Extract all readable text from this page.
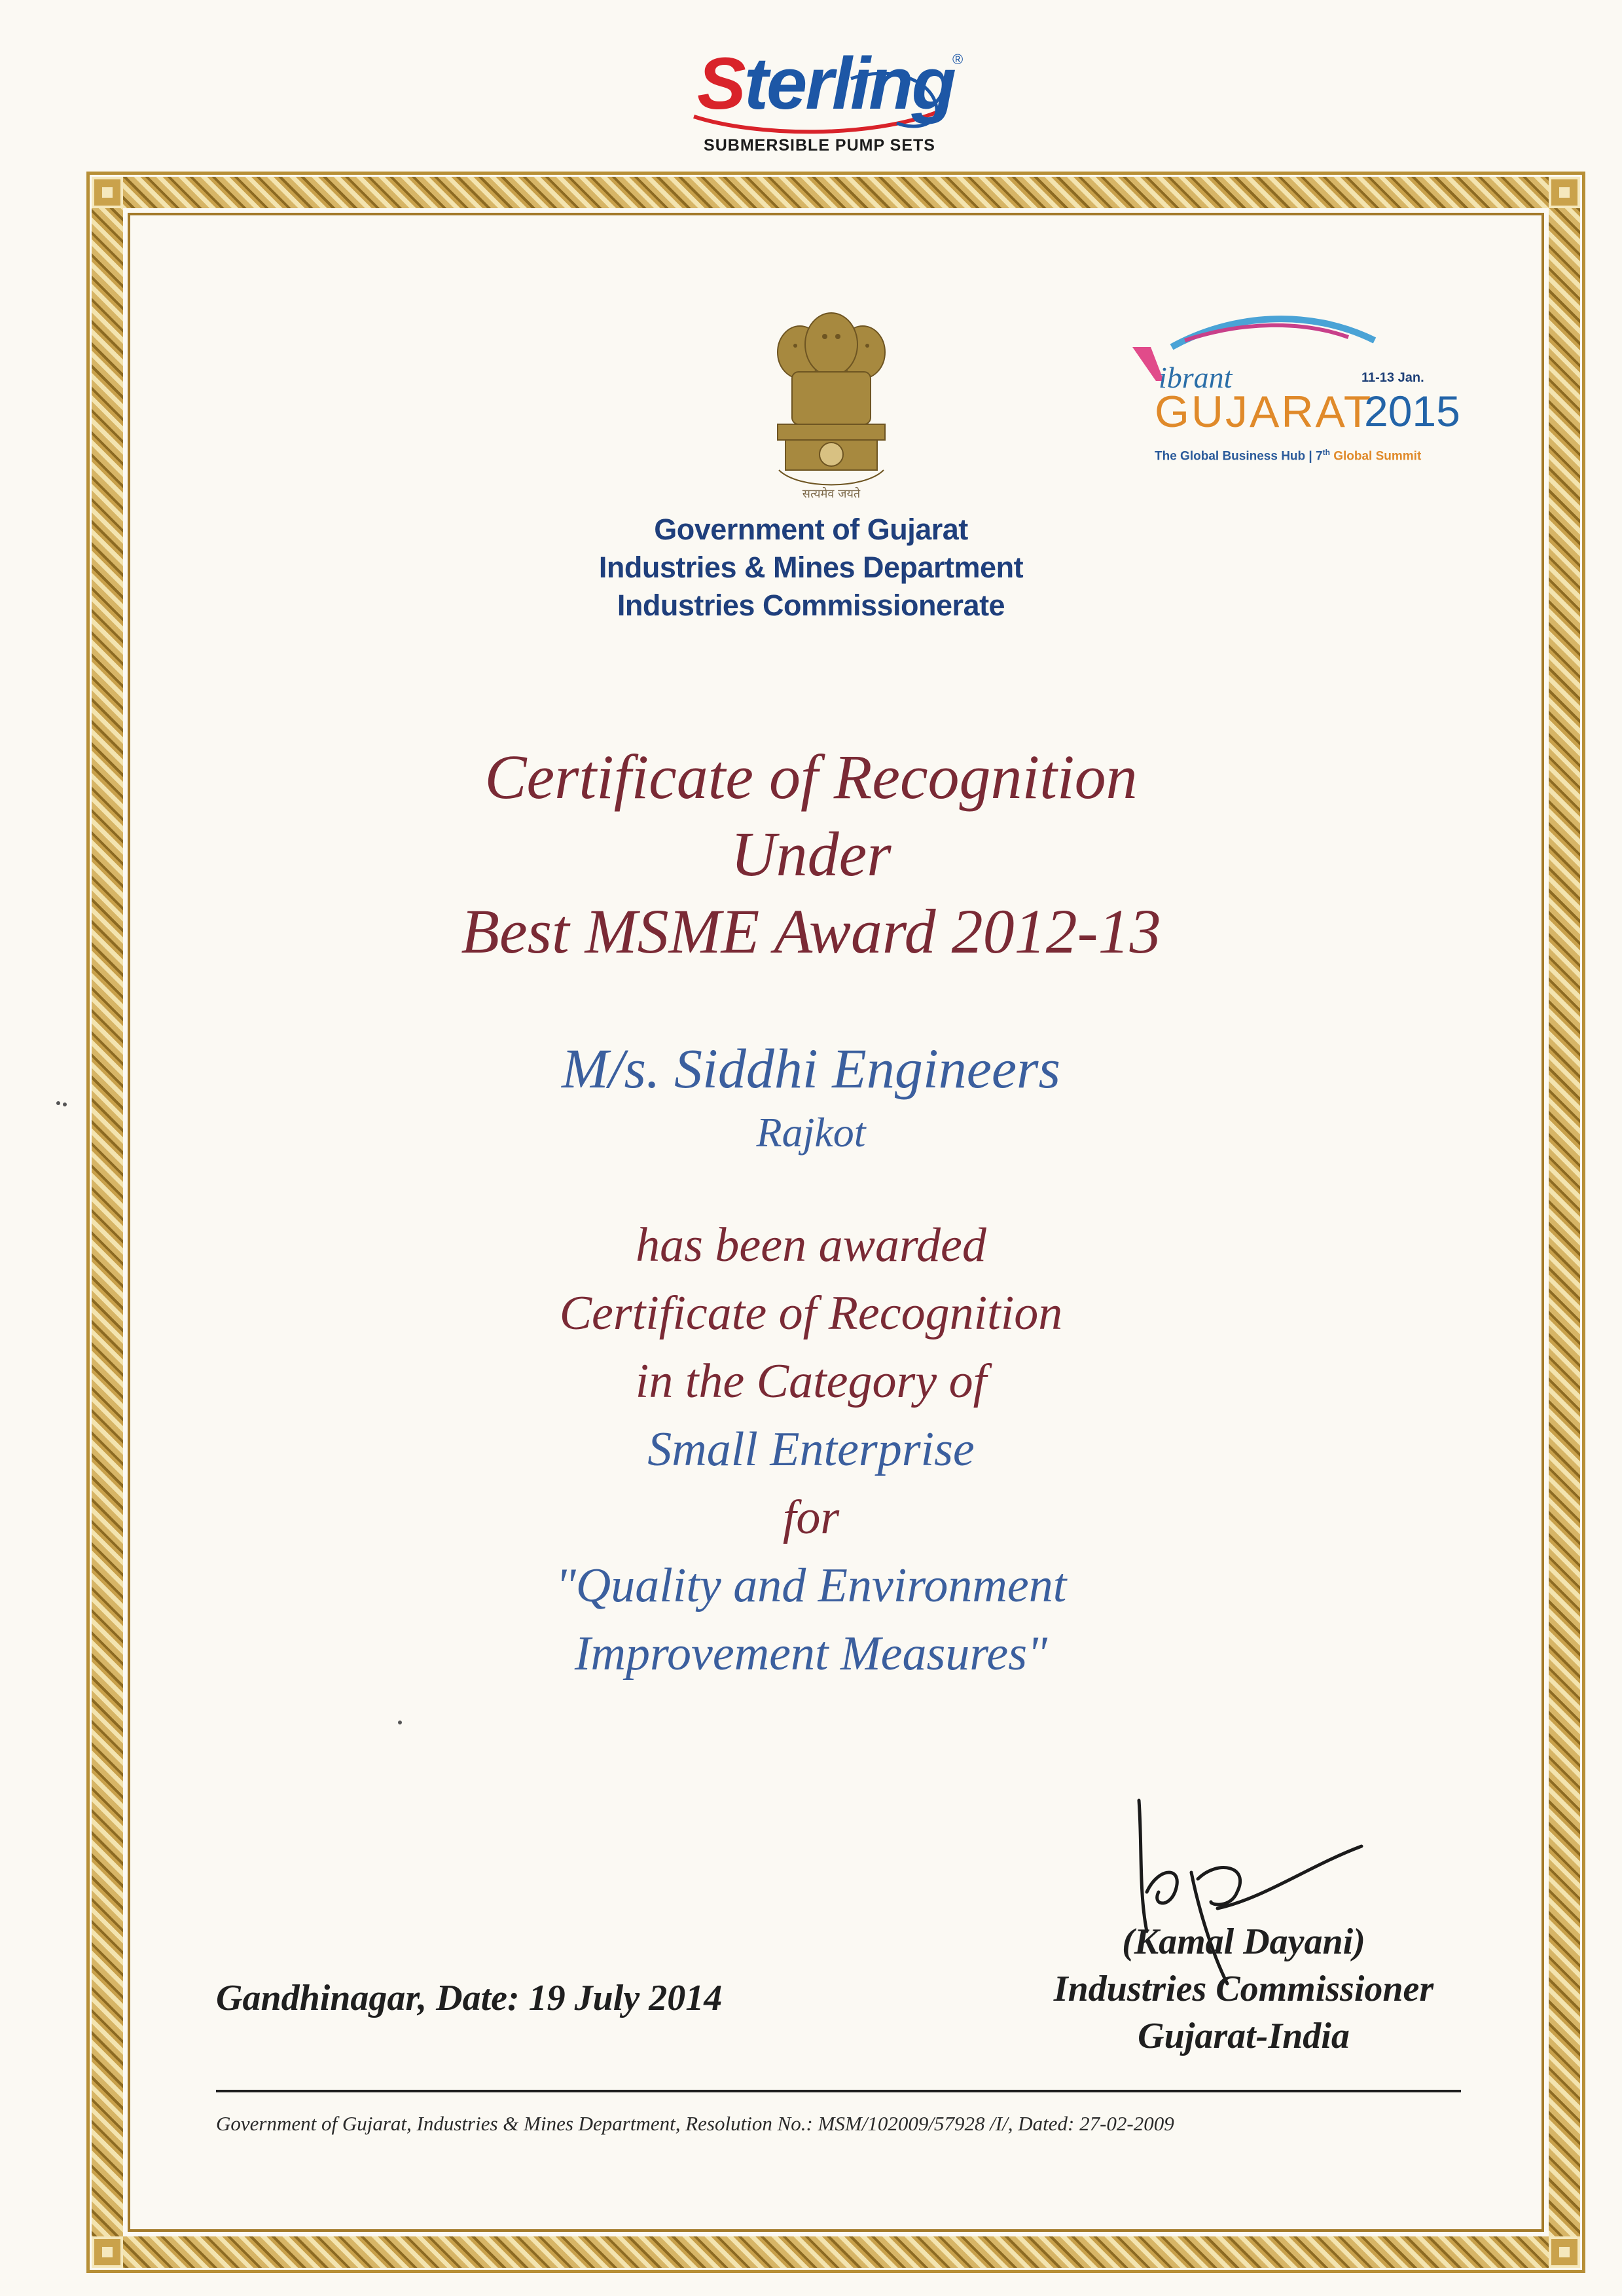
Sterling
®
SUBMERSIBLE PUMP SETS
सत्यमेव जयते
ibrant	11-13 Jan.
GUJARAT
2015
The Global Business Hub | 7th Global Summit
Government of Gujarat
Industries & Mines Department
Industries Commissionerate
Certificate of Recognition
Under
Best MSME Award 2012-13
M/s. Siddhi Engineers
Rajkot
has been awarded
Certificate of Recognition
in the Category of
Small Enterprise
for
"Quality and Environment
Improvement Measures"
Gandhinagar, Date: 19 July 2014
(Kamal Dayani)
Industries Commissioner
Gujarat-India
Government of Gujarat, Industries & Mines Department, Resolution No.: MSM/102009/57928 /I/, Dated: 27-02-2009
